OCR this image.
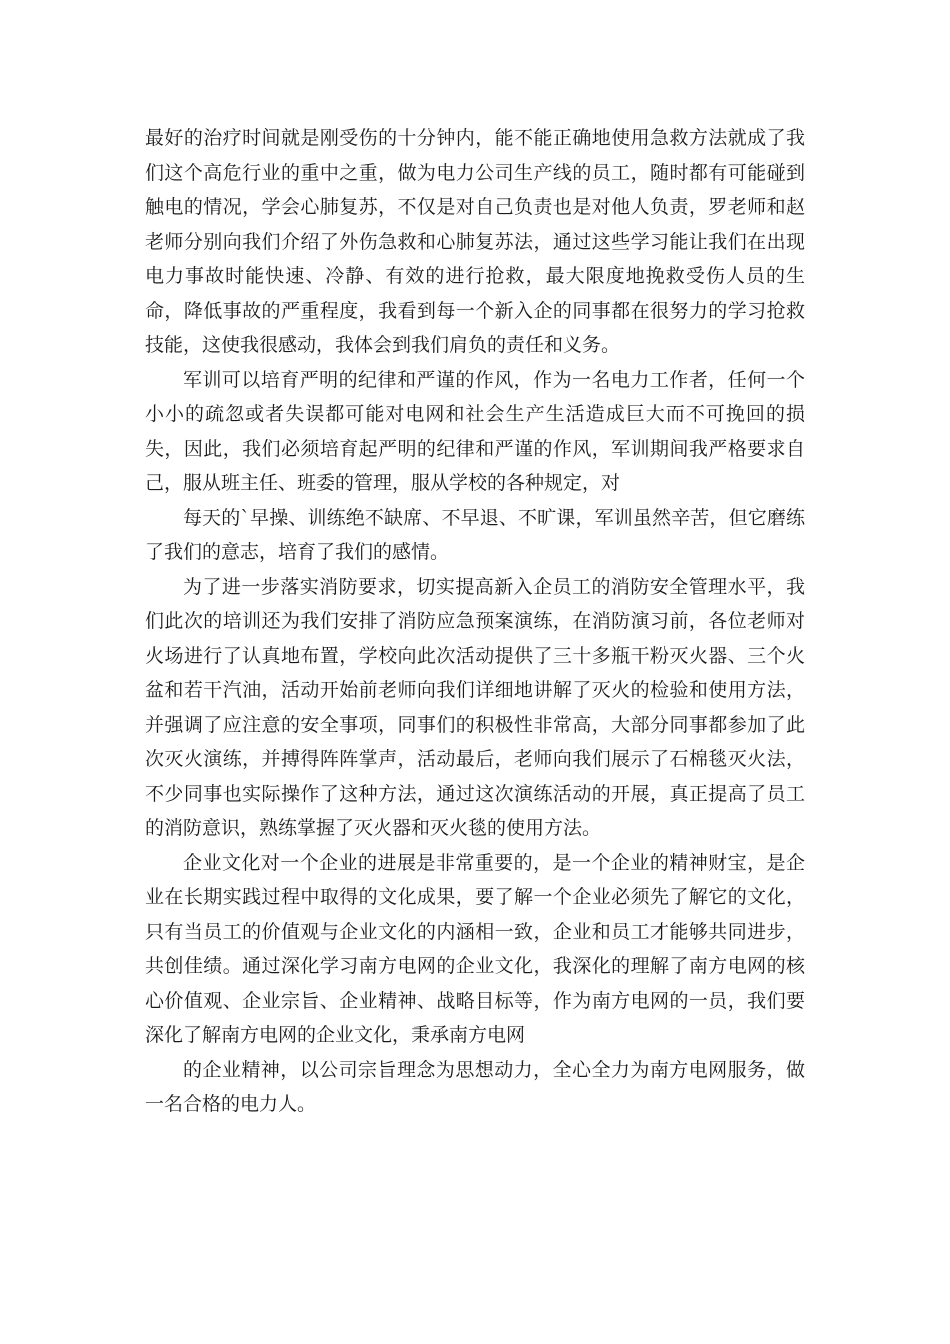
最好的治疗时间就是刚受伤的十分钟内，能不能正确地使用急救方法就成了我们这个高危行业的重中之重，做为电力公司生产线的员工，随时都有可能碰到触电的情况，学会心肺复苏，不仅是对自己负责也是对他人负责，罗老师和赵老师分别向我们介绍了外伤急救和心肺复苏法，通过这些学习能让我们在出现电力事故时能快速、冷静、有效的进行抢救，最大限度地挽救受伤人员的生命，降低事故的严重程度，我看到每一个新入企的同事都在很努力的学习抢救技能，这使我很感动，我体会到我们肩负的责任和义务。

军训可以培育严明的纪律和严谨的作风，作为一名电力工作者，任何一个小小的疏忽或者失误都可能对电网和社会生产生活造成巨大而不可挽回的损失，因此，我们必须培育起严明的纪律和严谨的作风，军训期间我严格要求自己，服从班主任、班委的管理，服从学校的各种规定，对

每天的`早操、训练绝不缺席、不早退、不旷课，军训虽然辛苦，但它磨练了我们的意志，培育了我们的感情。

为了进一步落实消防要求，切实提高新入企员工的消防安全管理水平，我们此次的培训还为我们安排了消防应急预案演练，在消防演习前，各位老师对火场进行了认真地布置，学校向此次活动提供了三十多瓶干粉灭火器、三个火盆和若干汽油，活动开始前老师向我们详细地讲解了灭火的检验和使用方法，并强调了应注意的安全事项，同事们的积极性非常高，大部分同事都参加了此次灭火演练，并搏得阵阵掌声，活动最后，老师向我们展示了石棉毯灭火法，不少同事也实际操作了这种方法，通过这次演练活动的开展，真正提高了员工的消防意识，熟练掌握了灭火器和灭火毯的使用方法。

企业文化对一个企业的进展是非常重要的，是一个企业的精神财宝，是企业在长期实践过程中取得的文化成果，要了解一个企业必须先了解它的文化，只有当员工的价值观与企业文化的内涵相一致，企业和员工才能够共同进步，共创佳绩。通过深化学习南方电网的企业文化，我深化的理解了南方电网的核心价值观、企业宗旨、企业精神、战略目标等，作为南方电网的一员，我们要深化了解南方电网的企业文化，秉承南方电网

的企业精神，以公司宗旨理念为思想动力，全心全力为南方电网服务，做一名合格的电力人。
